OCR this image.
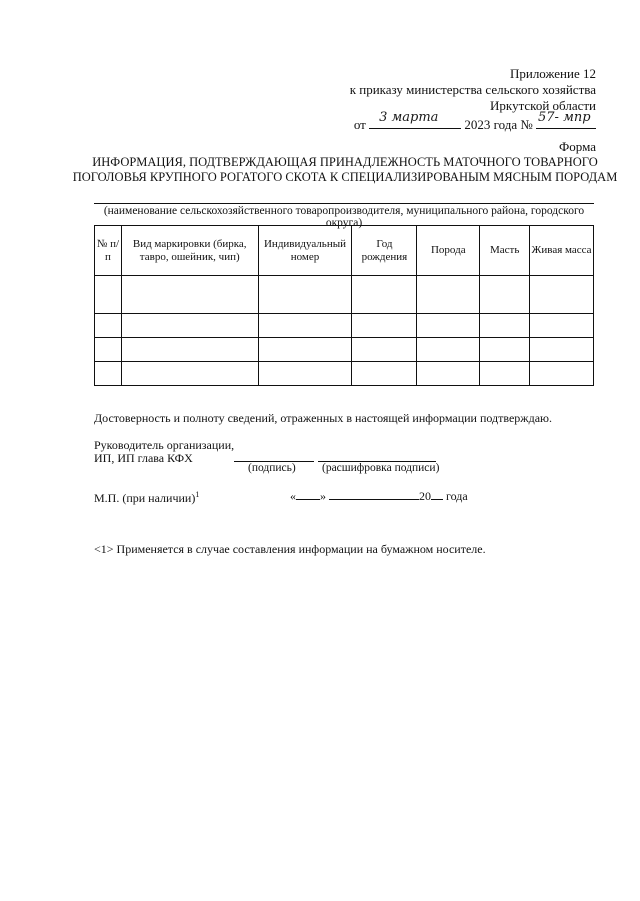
Приложение 12
к приказу министерства сельского хозяйства
Иркутской области
от 3 марта 2023 года № 57- мпр
Форма
ИНФОРМАЦИЯ, ПОДТВЕРЖДАЮЩАЯ ПРИНАДЛЕЖНОСТЬ МАТОЧНОГО ТОВАРНОГО
ПОГОЛОВЬЯ КРУПНОГО РОГАТОГО СКОТА К СПЕЦИАЛИЗИРОВАНЫМ МЯСНЫМ ПОРОДАМ
(наименование сельскохозяйственного товаропроизводителя, муниципального района, городского округа)
№ п/п	Вид маркировки (бирка, тавро, ошейник, чип)	Индивидуальный номер	Год рождения	Порода	Масть	Живая масса

Достоверность и полноту сведений, отраженных в настоящей информации подтверждаю.
Руководитель организации,
ИП, ИП глава КФХ
(подпись) (расшифровка подписи)
М.П. (при наличии)$^1$	« »	20 года
<1> Применяется в случае составления информации на бумажном носителе.
